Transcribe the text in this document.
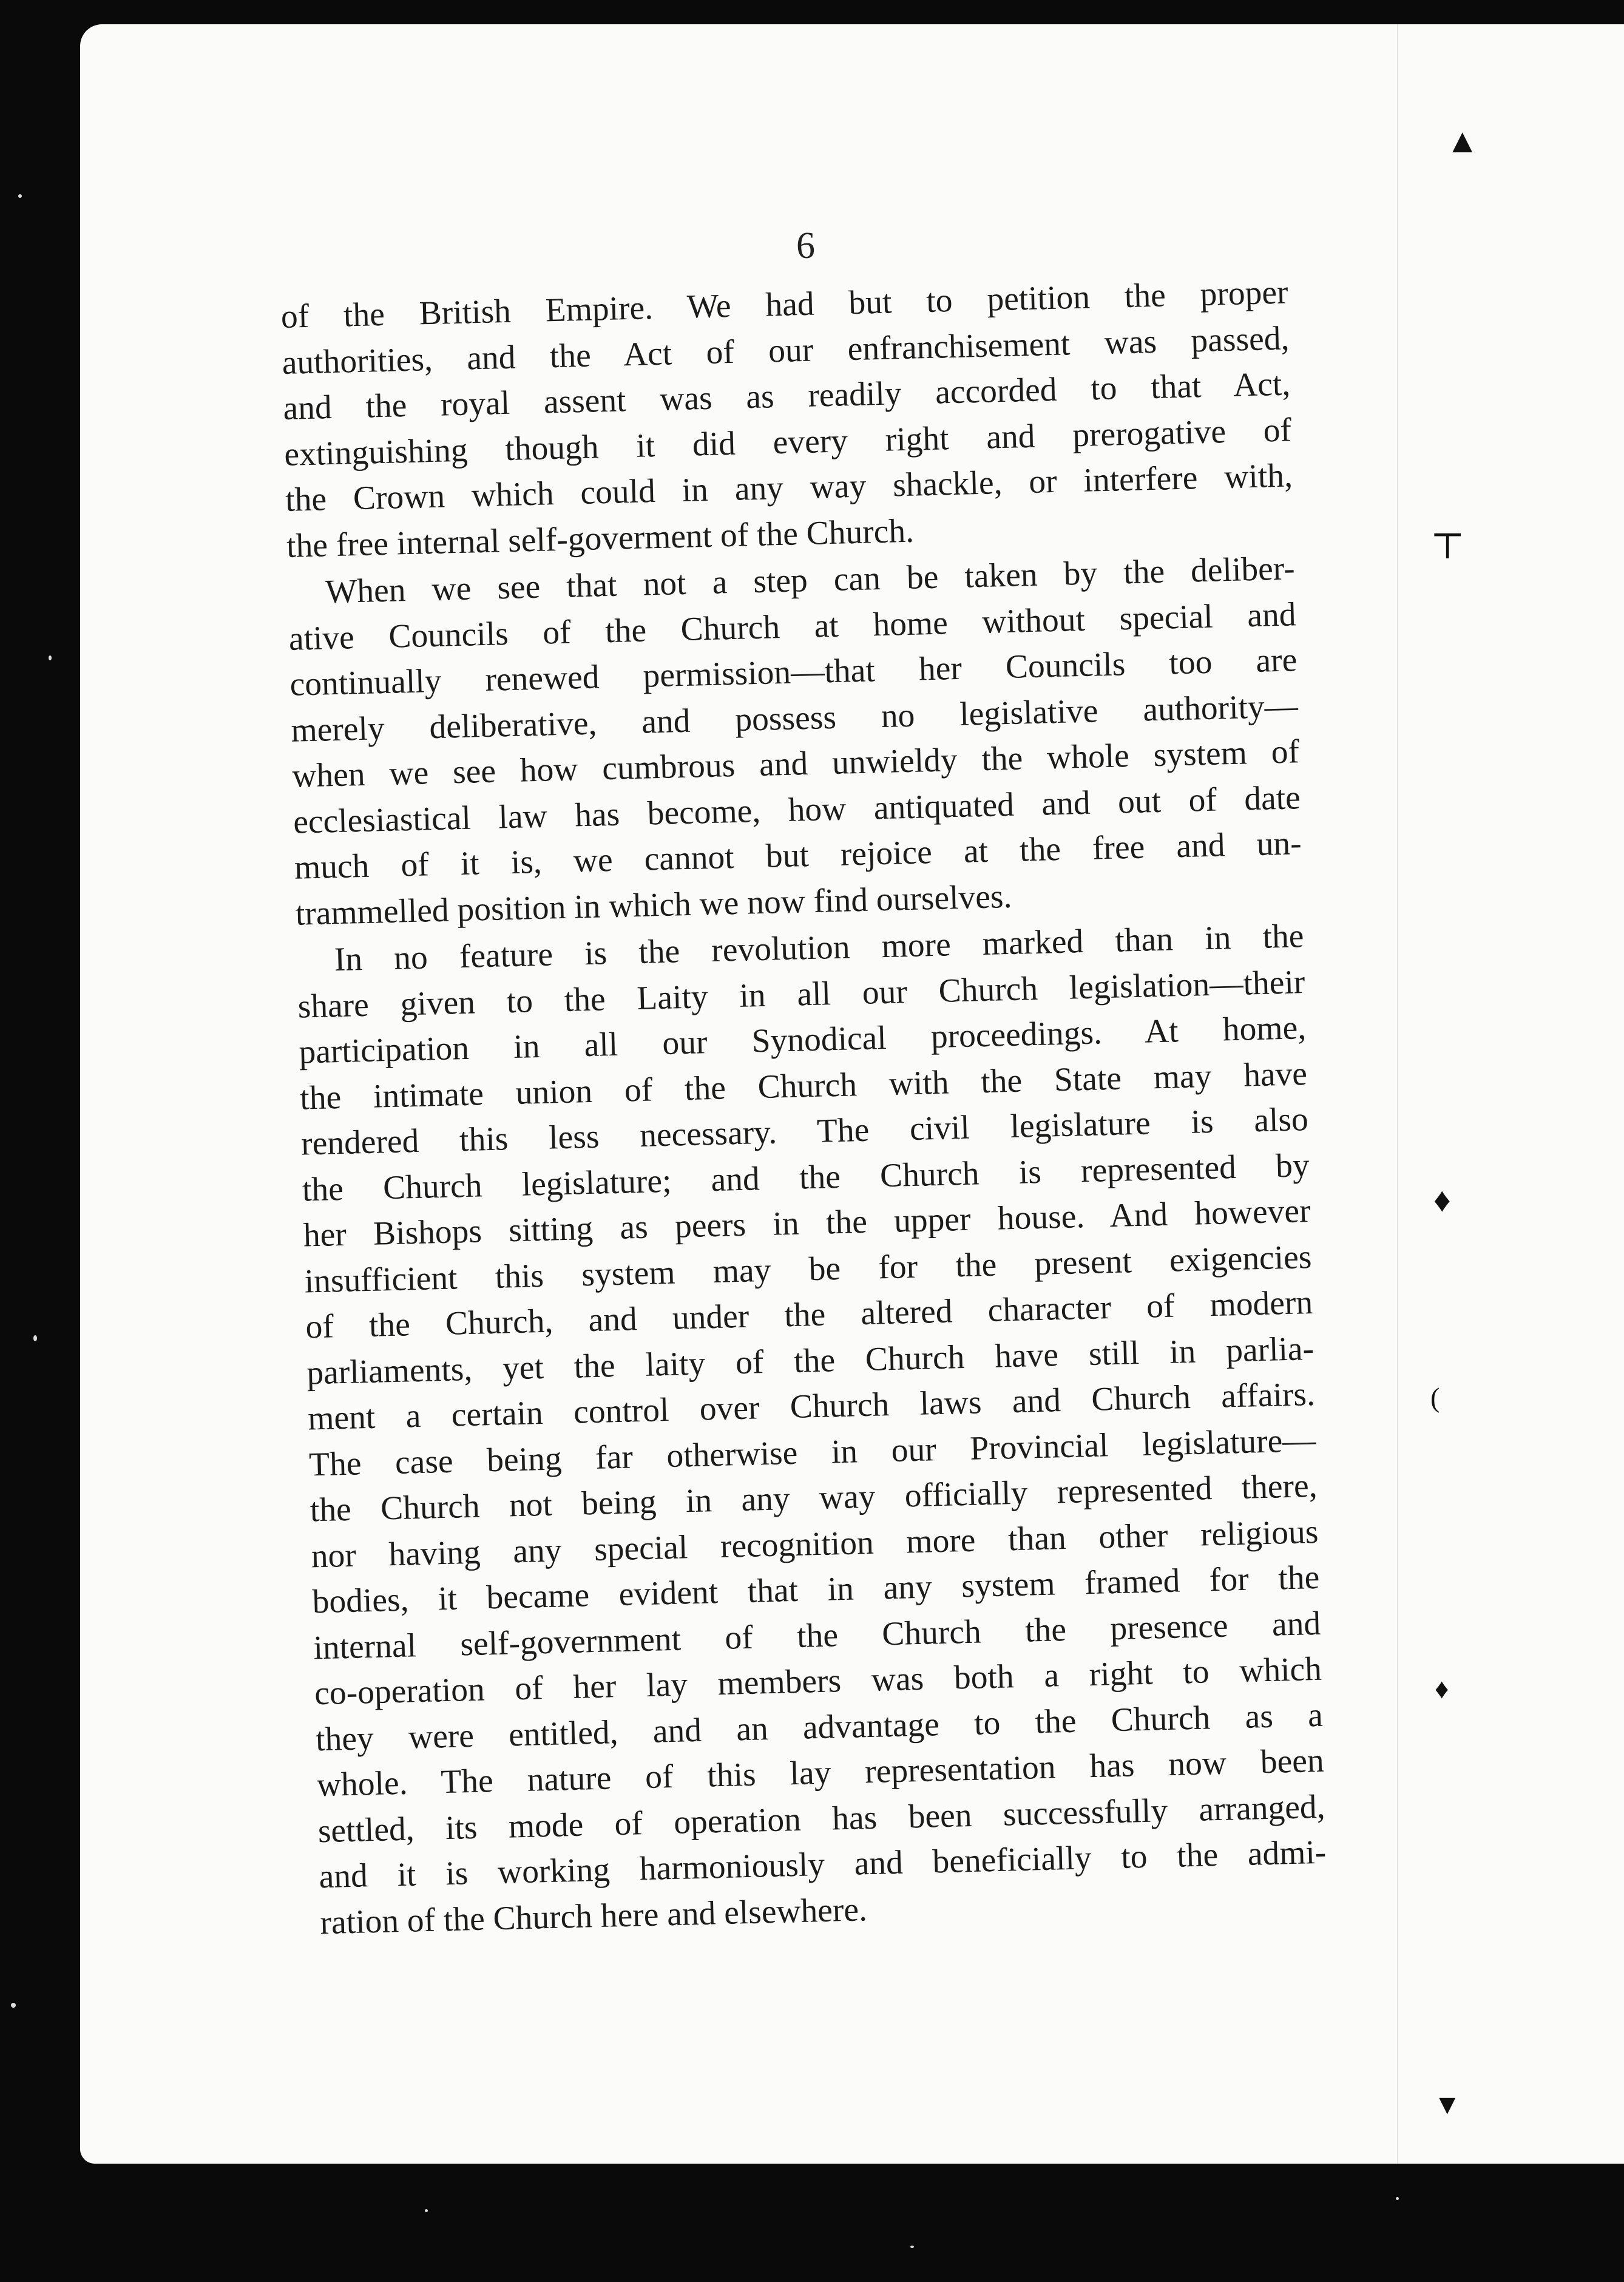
6
of the British Empire. We had but to petition the proper
authorities, and the Act of our enfranchisement was passed,
and the royal assent was as readily accorded to that Act,
extinguishing though it did every right and prerogative of
the Crown which could in any way shackle, or interfere with,
the free internal self-goverment of the Church.
When we see that not a step can be taken by the deliber-
ative Councils of the Church at home without special and
continually renewed permission—that her Councils too are
merely deliberative, and possess no legislative authority—
when we see how cumbrous and unwieldy the whole system of
ecclesiastical law has become, how antiquated and out of date
much of it is, we cannot but rejoice at the free and un-
trammelled position in which we now find ourselves.
In no feature is the revolution more marked than in the
share given to the Laity in all our Church legislation—their
participation in all our Synodical proceedings. At home,
the intimate union of the Church with the State may have
rendered this less necessary. The civil legislature is also
the Church legislature; and the Church is represented by
her Bishops sitting as peers in the upper house. And however
insufficient this system may be for the present exigencies
of the Church, and under the altered character of modern
parliaments, yet the laity of the Church have still in parlia-
ment a certain control over Church laws and Church affairs.
The case being far otherwise in our Provincial legislature—
the Church not being in any way officially represented there,
nor having any special recognition more than other religious
bodies, it became evident that in any system framed for the
internal self-government of the Church the presence and
co-operation of her lay members was both a right to which
they were entitled, and an advantage to the Church as a
whole. The nature of this lay representation has now been
settled, its mode of operation has been successfully arranged,
and it is working harmoniously and beneficially to the admi-
ration of the Church here and elsewhere.
▲
⊤
♦
(
♦
▼
